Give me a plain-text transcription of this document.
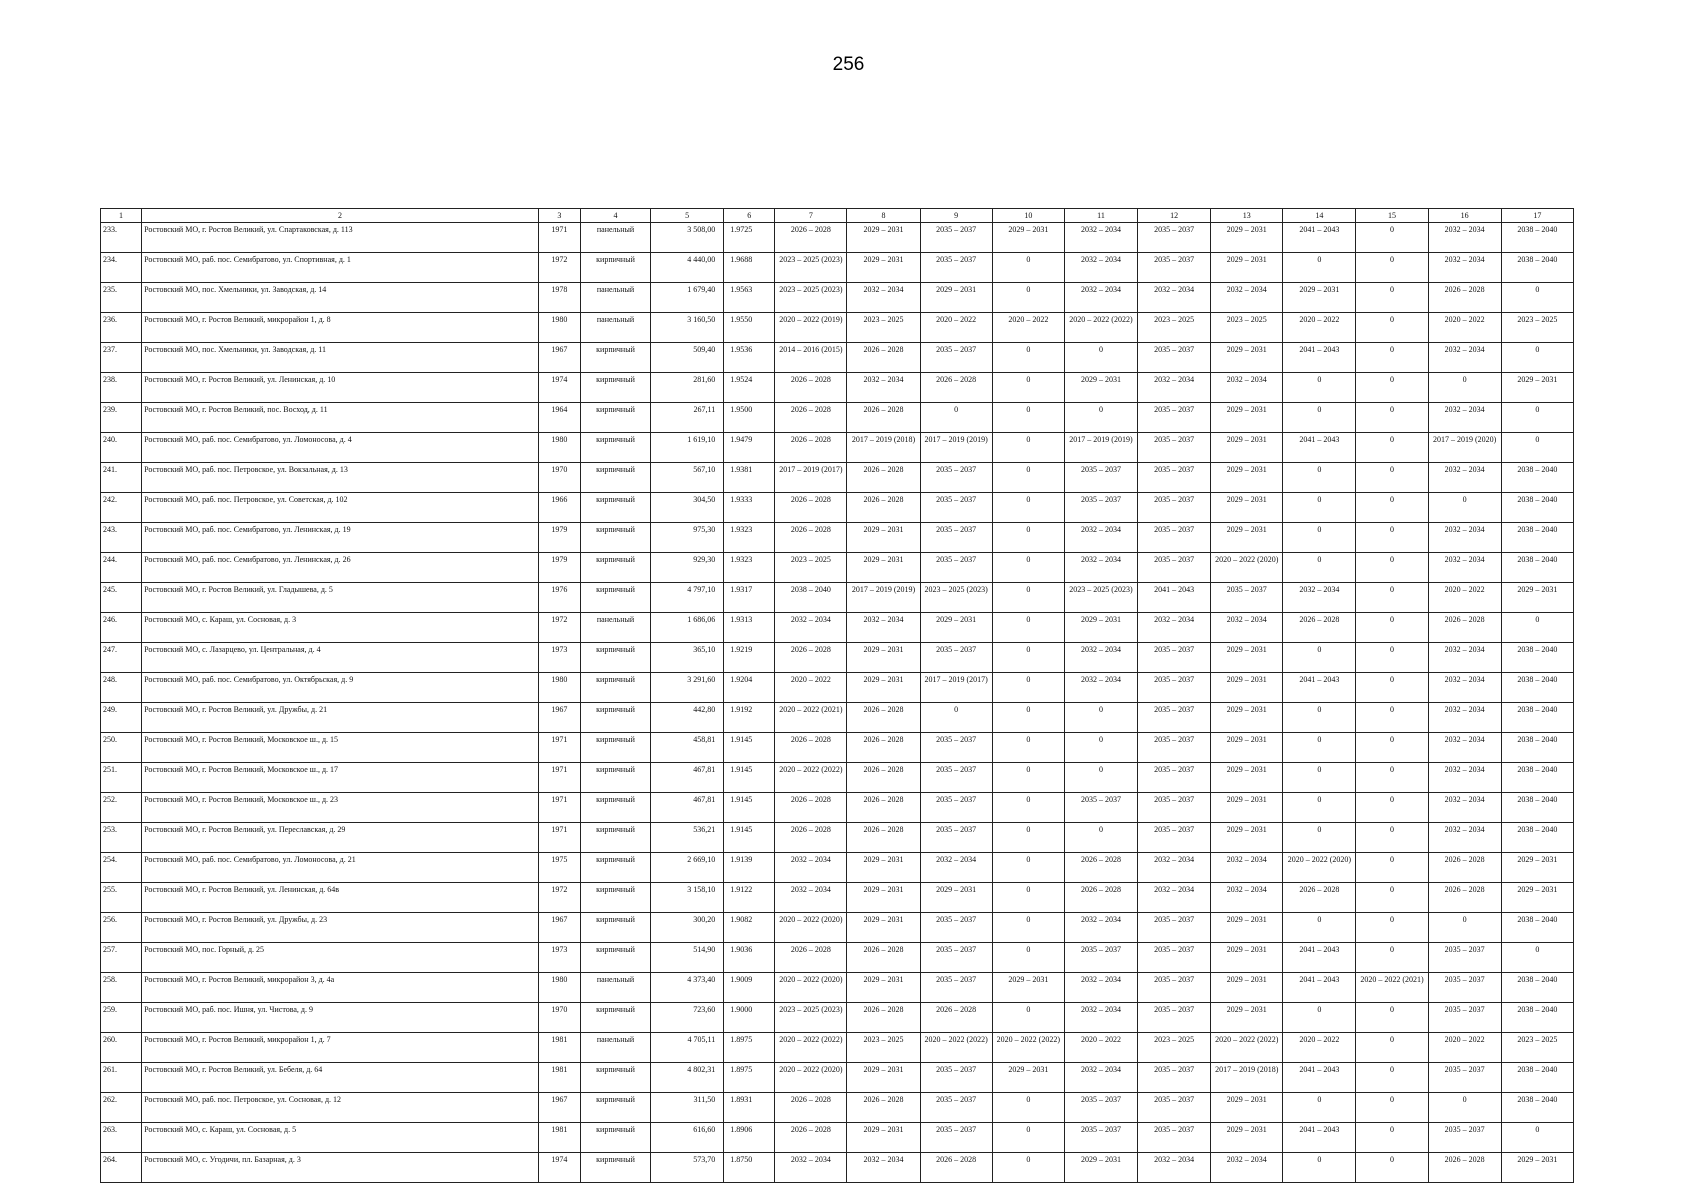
256
1	2	3	4	5	6	7	8	9	10	11	12	13	14	15	16	17
233.	Ростовский МО, г. Ростов Великий, ул. Спартаковская, д. 113	1971	панельный	3 508,00	1.9725	2026 – 2028	2029 – 2031	2035 – 2037	2029 – 2031	2032 – 2034	2035 – 2037	2029 – 2031	2041 – 2043	0	2032 – 2034	2038 – 2040
234.	Ростовский МО, раб. пос. Семибратово, ул. Спортивная, д. 1	1972	кирпичный	4 440,00	1.9688	2023 – 2025 (2023)	2029 – 2031	2035 – 2037	0	2032 – 2034	2035 – 2037	2029 – 2031	0	0	2032 – 2034	2038 – 2040
235.	Ростовский МО, пос. Хмельники, ул. Заводская, д. 14	1978	панельный	1 679,40	1.9563	2023 – 2025 (2023)	2032 – 2034	2029 – 2031	0	2032 – 2034	2032 – 2034	2032 – 2034	2029 – 2031	0	2026 – 2028	0
236.	Ростовский МО, г. Ростов Великий, микрорайон 1, д. 8	1980	панельный	3 160,50	1.9550	2020 – 2022 (2019)	2023 – 2025	2020 – 2022	2020 – 2022	2020 – 2022 (2022)	2023 – 2025	2023 – 2025	2020 – 2022	0	2020 – 2022	2023 – 2025
237.	Ростовский МО, пос. Хмельники, ул. Заводская, д. 11	1967	кирпичный	509,40	1.9536	2014 – 2016 (2015)	2026 – 2028	2035 – 2037	0	0	2035 – 2037	2029 – 2031	2041 – 2043	0	2032 – 2034	0
238.	Ростовский МО, г. Ростов Великий, ул. Ленинская, д. 10	1974	кирпичный	281,60	1.9524	2026 – 2028	2032 – 2034	2026 – 2028	0	2029 – 2031	2032 – 2034	2032 – 2034	0	0	0	2029 – 2031
239.	Ростовский МО, г. Ростов Великий, пос. Восход, д. 11	1964	кирпичный	267,11	1.9500	2026 – 2028	2026 – 2028	0	0	0	2035 – 2037	2029 – 2031	0	0	2032 – 2034	0
240.	Ростовский МО, раб. пос. Семибратово, ул. Ломоносова, д. 4	1980	кирпичный	1 619,10	1.9479	2026 – 2028	2017 – 2019 (2018)	2017 – 2019 (2019)	0	2017 – 2019 (2019)	2035 – 2037	2029 – 2031	2041 – 2043	0	2017 – 2019 (2020)	0
241.	Ростовский МО, раб. пос. Петровское, ул. Вокзальная, д. 13	1970	кирпичный	567,10	1.9381	2017 – 2019 (2017)	2026 – 2028	2035 – 2037	0	2035 – 2037	2035 – 2037	2029 – 2031	0	0	2032 – 2034	2038 – 2040
242.	Ростовский МО, раб. пос. Петровское, ул. Советская, д. 102	1966	кирпичный	304,50	1.9333	2026 – 2028	2026 – 2028	2035 – 2037	0	2035 – 2037	2035 – 2037	2029 – 2031	0	0	0	2038 – 2040
243.	Ростовский МО, раб. пос. Семибратово, ул. Ленинская, д. 19	1979	кирпичный	975,30	1.9323	2026 – 2028	2029 – 2031	2035 – 2037	0	2032 – 2034	2035 – 2037	2029 – 2031	0	0	2032 – 2034	2038 – 2040
244.	Ростовский МО, раб. пос. Семибратово, ул. Ленинская, д. 26	1979	кирпичный	929,30	1.9323	2023 – 2025	2029 – 2031	2035 – 2037	0	2032 – 2034	2035 – 2037	2020 – 2022 (2020)	0	0	2032 – 2034	2038 – 2040
245.	Ростовский МО, г. Ростов Великий, ул. Гладышева, д. 5	1976	кирпичный	4 797,10	1.9317	2038 – 2040	2017 – 2019 (2019)	2023 – 2025 (2023)	0	2023 – 2025 (2023)	2041 – 2043	2035 – 2037	2032 – 2034	0	2020 – 2022	2029 – 2031
246.	Ростовский МО, с. Караш, ул. Сосновая, д. 3	1972	панельный	1 686,06	1.9313	2032 – 2034	2032 – 2034	2029 – 2031	0	2029 – 2031	2032 – 2034	2032 – 2034	2026 – 2028	0	2026 – 2028	0
247.	Ростовский МО, с. Лазарцево, ул. Центральная, д. 4	1973	кирпичный	365,10	1.9219	2026 – 2028	2029 – 2031	2035 – 2037	0	2032 – 2034	2035 – 2037	2029 – 2031	0	0	2032 – 2034	2038 – 2040
248.	Ростовский МО, раб. пос. Семибратово, ул. Октябрьская, д. 9	1980	кирпичный	3 291,60	1.9204	2020 – 2022	2029 – 2031	2017 – 2019 (2017)	0	2032 – 2034	2035 – 2037	2029 – 2031	2041 – 2043	0	2032 – 2034	2038 – 2040
249.	Ростовский МО, г. Ростов Великий, ул. Дружбы, д. 21	1967	кирпичный	442,80	1.9192	2020 – 2022 (2021)	2026 – 2028	0	0	0	2035 – 2037	2029 – 2031	0	0	2032 – 2034	2038 – 2040
250.	Ростовский МО, г. Ростов Великий, Московское ш., д. 15	1971	кирпичный	458,81	1.9145	2026 – 2028	2026 – 2028	2035 – 2037	0	0	2035 – 2037	2029 – 2031	0	0	2032 – 2034	2038 – 2040
251.	Ростовский МО, г. Ростов Великий, Московское ш., д. 17	1971	кирпичный	467,81	1.9145	2020 – 2022 (2022)	2026 – 2028	2035 – 2037	0	0	2035 – 2037	2029 – 2031	0	0	2032 – 2034	2038 – 2040
252.	Ростовский МО, г. Ростов Великий, Московское ш., д. 23	1971	кирпичный	467,81	1.9145	2026 – 2028	2026 – 2028	2035 – 2037	0	2035 – 2037	2035 – 2037	2029 – 2031	0	0	2032 – 2034	2038 – 2040
253.	Ростовский МО, г. Ростов Великий, ул. Переславская, д. 29	1971	кирпичный	536,21	1.9145	2026 – 2028	2026 – 2028	2035 – 2037	0	0	2035 – 2037	2029 – 2031	0	0	2032 – 2034	2038 – 2040
254.	Ростовский МО, раб. пос. Семибратово, ул. Ломоносова, д. 21	1975	кирпичный	2 669,10	1.9139	2032 – 2034	2029 – 2031	2032 – 2034	0	2026 – 2028	2032 – 2034	2032 – 2034	2020 – 2022 (2020)	0	2026 – 2028	2029 – 2031
255.	Ростовский МО, г. Ростов Великий, ул. Ленинская, д. 64в	1972	кирпичный	3 158,10	1.9122	2032 – 2034	2029 – 2031	2029 – 2031	0	2026 – 2028	2032 – 2034	2032 – 2034	2026 – 2028	0	2026 – 2028	2029 – 2031
256.	Ростовский МО, г. Ростов Великий, ул. Дружбы, д. 23	1967	кирпичный	300,20	1.9082	2020 – 2022 (2020)	2029 – 2031	2035 – 2037	0	2032 – 2034	2035 – 2037	2029 – 2031	0	0	0	2038 – 2040
257.	Ростовский МО, пос. Горный, д. 25	1973	кирпичный	514,90	1.9036	2026 – 2028	2026 – 2028	2035 – 2037	0	2035 – 2037	2035 – 2037	2029 – 2031	2041 – 2043	0	2035 – 2037	0
258.	Ростовский МО, г. Ростов Великий, микрорайон 3, д. 4а	1980	панельный	4 373,40	1.9009	2020 – 2022 (2020)	2029 – 2031	2035 – 2037	2029 – 2031	2032 – 2034	2035 – 2037	2029 – 2031	2041 – 2043	2020 – 2022 (2021)	2035 – 2037	2038 – 2040
259.	Ростовский МО, раб. пос. Ишня, ул. Чистова, д. 9	1970	кирпичный	723,60	1.9000	2023 – 2025 (2023)	2026 – 2028	2026 – 2028	0	2032 – 2034	2035 – 2037	2029 – 2031	0	0	2035 – 2037	2038 – 2040
260.	Ростовский МО, г. Ростов Великий, микрорайон 1, д. 7	1981	панельный	4 705,11	1.8975	2020 – 2022 (2022)	2023 – 2025	2020 – 2022 (2022)	2020 – 2022 (2022)	2020 – 2022	2023 – 2025	2020 – 2022 (2022)	2020 – 2022	0	2020 – 2022	2023 – 2025
261.	Ростовский МО, г. Ростов Великий, ул. Бебеля, д. 64	1981	кирпичный	4 802,31	1.8975	2020 – 2022 (2020)	2029 – 2031	2035 – 2037	2029 – 2031	2032 – 2034	2035 – 2037	2017 – 2019 (2018)	2041 – 2043	0	2035 – 2037	2038 – 2040
262.	Ростовский МО, раб. пос. Петровское, ул. Сосновая, д. 12	1967	кирпичный	311,50	1.8931	2026 – 2028	2026 – 2028	2035 – 2037	0	2035 – 2037	2035 – 2037	2029 – 2031	0	0	0	2038 – 2040
263.	Ростовский МО, с. Караш, ул. Сосновая, д. 5	1981	кирпичный	616,60	1.8906	2026 – 2028	2029 – 2031	2035 – 2037	0	2035 – 2037	2035 – 2037	2029 – 2031	2041 – 2043	0	2035 – 2037	0
264.	Ростовский МО, с. Угодичи, пл. Базарная, д. 3	1974	кирпичный	573,70	1.8750	2032 – 2034	2032 – 2034	2026 – 2028	0	2029 – 2031	2032 – 2034	2032 – 2034	0	0	2026 – 2028	2029 – 2031
